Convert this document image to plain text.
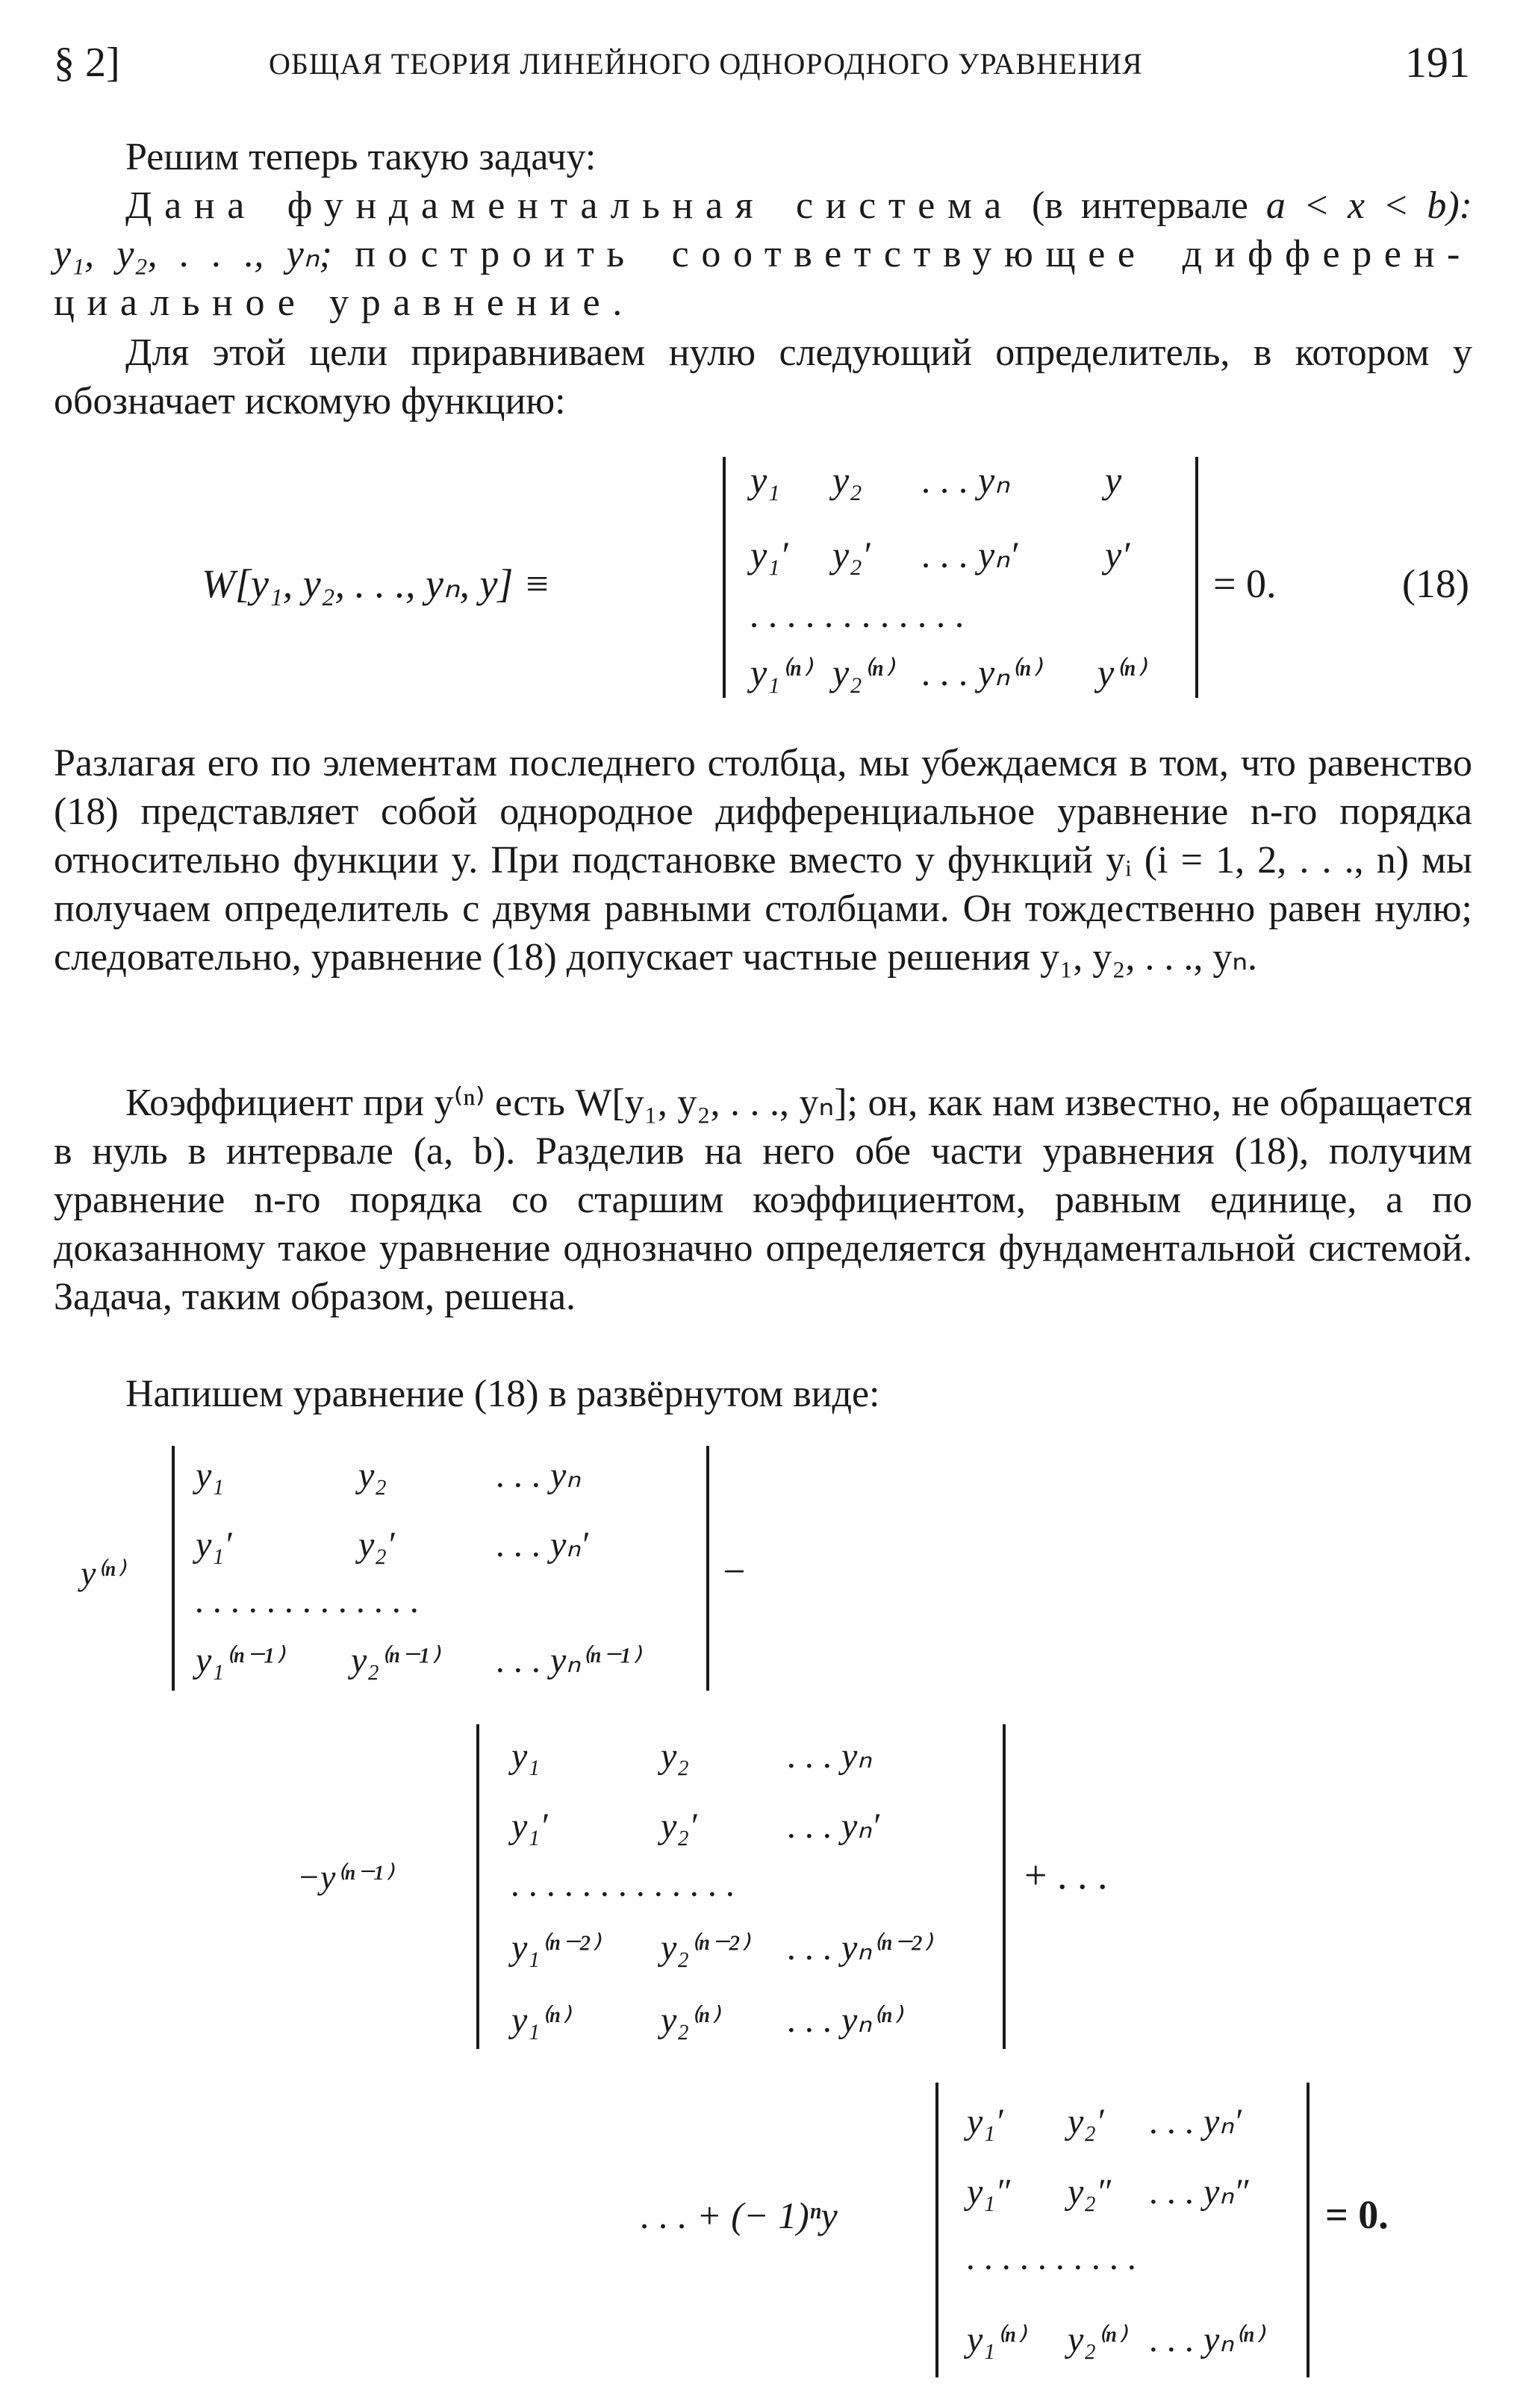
§ 2]	ОБЩАЯ ТЕОРИЯ ЛИНЕЙНОГО ОДНОРОДНОГО УРАВНЕНИЯ	191
Решим теперь такую задачу:
Дана фундаментальная система (в интервале a < x < b):
y₁, y₂, . . ., yₙ; построить соответствующее дифферен-
циальное уравнение.
Для этой цели приравниваем нулю следующий определитель, в котором y обозначает искомую функцию:
W[y₁, y₂, . . ., yₙ, y] ≡
y₁ y₂ . . . yₙ	y
y₁′ y₂′ . . . yₙ′ y′
. . . . . . . . . . . .
y₁⁽ⁿ⁾ y₂⁽ⁿ⁾ . . . yₙ⁽ⁿ⁾ y⁽ⁿ⁾
= 0.	(18)
Разлагая его по элементам последнего столбца, мы убеждаемся в том, что равенство (18) представляет собой однородное дифференциальное уравнение n-го порядка относительно функции y. При подстановке вместо y функций yᵢ (i = 1, 2, . . ., n) мы получаем определитель с двумя равными столбцами. Он тождественно равен нулю; следовательно, уравнение (18) допускает частные решения y₁, y₂, . . ., yₙ.
Коэффициент при y⁽ⁿ⁾ есть W[y₁, y₂, . . ., yₙ]; он, как нам известно, не обращается в нуль в интервале (a, b). Разделив на него обе части уравнения (18), получим уравнение n-го порядка со старшим коэффициентом, равным единице, а по доказанному такое уравнение однозначно определяется фундаментальной системой. Задача, таким образом, решена.
Напишем уравнение (18) в развёрнутом виде:
y⁽ⁿ⁾
y₁	y₂	. . . yₙ
y₁′	y₂′	. . . yₙ′
. . . . . . . . . . . . .
y₁⁽ⁿ⁻¹⁾ y₂⁽ⁿ⁻¹⁾ . . . yₙ⁽ⁿ⁻¹⁾
−
−y⁽ⁿ⁻¹⁾
y₁	y₂	. . . yₙ
y₁′	y₂′	. . . yₙ′
. . . . . . . . . . . . .
y₁⁽ⁿ⁻²⁾ y₂⁽ⁿ⁻²⁾ . . . yₙ⁽ⁿ⁻²⁾
y₁⁽ⁿ⁾	y₂⁽ⁿ⁾ . . . yₙ⁽ⁿ⁾
+ . . .
. . . + (− 1)ⁿy
y₁′ y₂′ . . . yₙ′
y₁″ y₂″ . . . yₙ″
. . . . . . . . . .
y₁⁽ⁿ⁾ y₂⁽ⁿ⁾ . . . yₙ⁽ⁿ⁾
= 0.
